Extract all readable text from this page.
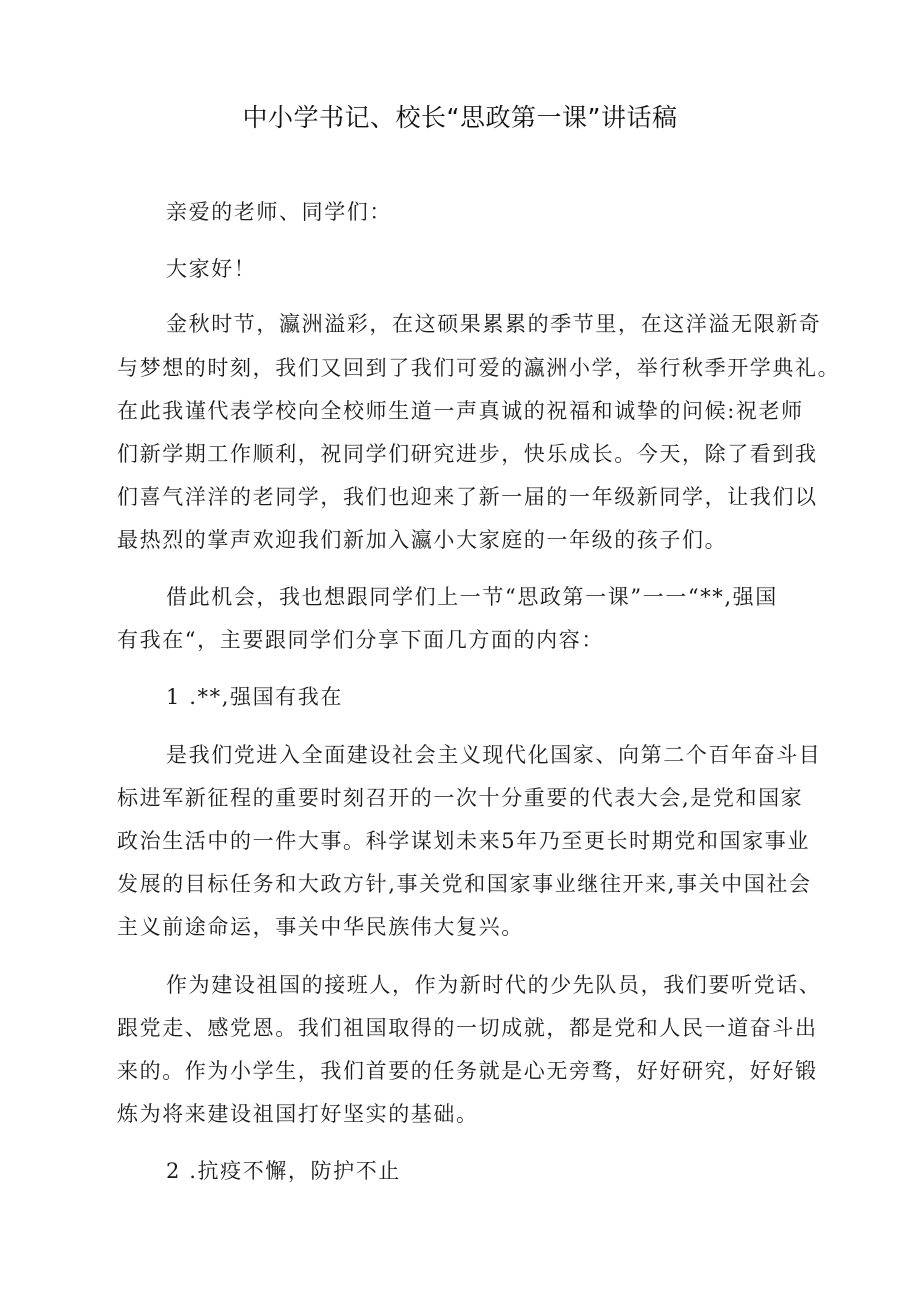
中小学书记、校长“思政第一课”讲话稿
亲爱的老师、同学们：
大家好！
金秋时节，瀛洲溢彩，在这硕果累累的季节里，在这洋溢无限新奇
与梦想的时刻，我们又回到了我们可爱的瀛洲小学，举行秋季开学典礼。
在此我谨代表学校向全校师生道一声真诚的祝福和诚挚的问候:祝老师
们新学期工作顺利，祝同学们研究进步，快乐成长。今天，除了看到我
们喜气洋洋的老同学，我们也迎来了新一届的一年级新同学，让我们以
最热烈的掌声欢迎我们新加入瀛小大家庭的一年级的孩子们。
借此机会，我也想跟同学们上一节“思政第一课”一一“**,强国
有我在“，主要跟同学们分享下面几方面的内容：
1 .**,强国有我在
是我们党进入全面建设社会主义现代化国家、向第二个百年奋斗目
标进军新征程的重要时刻召开的一次十分重要的代表大会,是党和国家
政治生活中的一件大事。科学谋划未来5年乃至更长时期党和国家事业
发展的目标任务和大政方针,事关党和国家事业继往开来,事关中国社会
主义前途命运，事关中华民族伟大复兴。
作为建设祖国的接班人，作为新时代的少先队员，我们要听党话、
跟党走、感党恩。我们祖国取得的一切成就，都是党和人民一道奋斗出
来的。作为小学生，我们首要的任务就是心无旁骛，好好研究，好好锻
炼为将来建设祖国打好坚实的基础。
2 .抗疫不懈，防护不止
